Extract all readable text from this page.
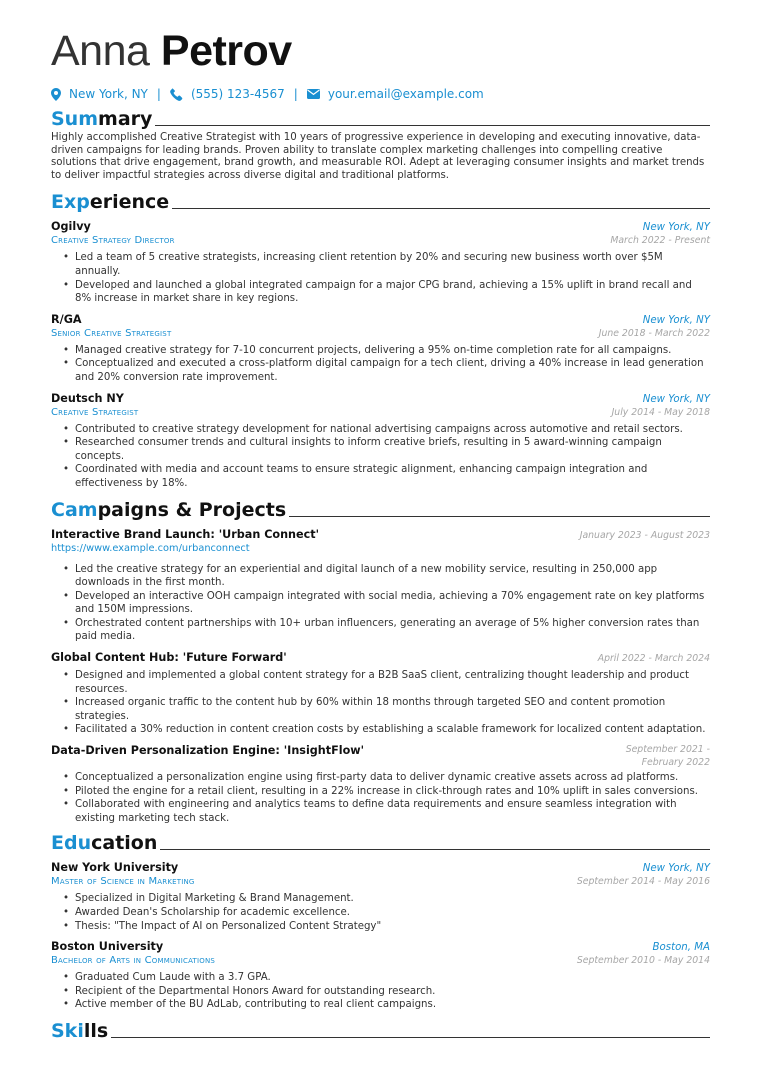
Anna Petrov
New York, NY |	(555) 123-4567 |	your.email@example.com
Sum mary
Highly accomplished Creative Strategist with 10 years of progressive experience in developing and executing innovative, data-driven campaigns for leading brands. Proven ability to translate complex marketing challenges into compelling creative solutions that drive engagement, brand growth, and measurable ROI. Adept at leveraging consumer insights and market trends to deliver impactful strategies across diverse digital and traditional platforms.
Exp erience
Ogilvy	New York, NY
Creative Strategy Director	March 2022 - Present
• Led a team of 5 creative strategists, increasing client retention by 20% and securing new business worth over $5M annually.
• Developed and launched a global integrated campaign for a major CPG brand, achieving a 15% uplift in brand recall and 8% increase in market share in key regions.
R/GA	New York, NY
Senior Creative Strategist	June 2018 - March 2022
• Managed creative strategy for 7-10 concurrent projects, delivering a 95% on-time completion rate for all campaigns.
• Conceptualized and executed a cross-platform digital campaign for a tech client, driving a 40% increase in lead generation and 20% conversion rate improvement.
Deutsch NY	New York, NY
Creative Strategist	July 2014 - May 2018
• Contributed to creative strategy development for national advertising campaigns across automotive and retail sectors.
• Researched consumer trends and cultural insights to inform creative briefs, resulting in 5 award-winning campaign concepts.
• Coordinated with media and account teams to ensure strategic alignment, enhancing campaign integration and effectiveness by 18%.
Cam paigns & Projects
Interactive Brand Launch: 'Urban Connect'	January 2023 - August 2023
https://www.example.com/urbanconnect
• Led the creative strategy for an experiential and digital launch of a new mobility service, resulting in 250,000 app downloads in the first month.
• Developed an interactive OOH campaign integrated with social media, achieving a 70% engagement rate on key platforms and 150M impressions.
• Orchestrated content partnerships with 10+ urban influencers, generating an average of 5% higher conversion rates than paid media.
Global Content Hub: 'Future Forward'	April 2022 - March 2024
• Designed and implemented a global content strategy for a B2B SaaS client, centralizing thought leadership and product resources.
• Increased organic traffic to the content hub by 60% within 18 months through targeted SEO and content promotion strategies.
• Facilitated a 30% reduction in content creation costs by establishing a scalable framework for localized content adaptation.
Data-Driven Personalization Engine: 'InsightFlow'	September 2021 - February 2022
• Conceptualized a personalization engine using first-party data to deliver dynamic creative assets across ad platforms.
• Piloted the engine for a retail client, resulting in a 22% increase in click-through rates and 10% uplift in sales conversions.
• Collaborated with engineering and analytics teams to define data requirements and ensure seamless integration with existing marketing tech stack.
Edu cation
New York University	New York, NY
Master of Science in Marketing	September 2014 - May 2016
• Specialized in Digital Marketing & Brand Management.
• Awarded Dean's Scholarship for academic excellence.
• Thesis: "The Impact of AI on Personalized Content Strategy"
Boston University	Boston, MA
Bachelor of Arts in Communications	September 2010 - May 2014
• Graduated Cum Laude with a 3.7 GPA.
• Recipient of the Departmental Honors Award for outstanding research.
• Active member of the BU AdLab, contributing to real client campaigns.
Ski lls
